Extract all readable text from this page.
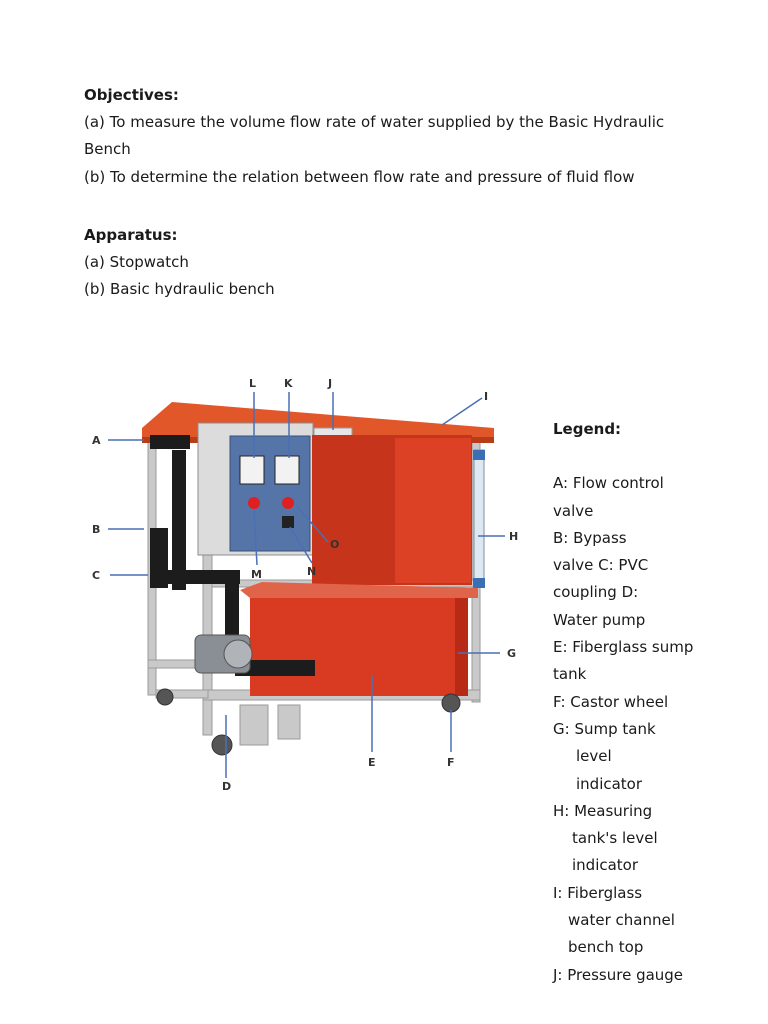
Objectives:
(a) To measure the volume flow rate of water supplied by the Basic Hydraulic
Bench
(b) To determine the relation between flow rate and pressure of fluid flow
Apparatus:
(a) Stopwatch
(b) Basic hydraulic bench
A
B
C
D
E	F
G
H
I
J
K
L
M	N
O
Legend:
A: Flow control
valve
B: Bypass
valve C: PVC
coupling D:
Water pump
E: Fiberglass sump
tank
F: Castor wheel
G: Sump tank
level
indicator
H: Measuring
tank's level
indicator
I: Fiberglass
water channel
bench top
J: Pressure gauge
